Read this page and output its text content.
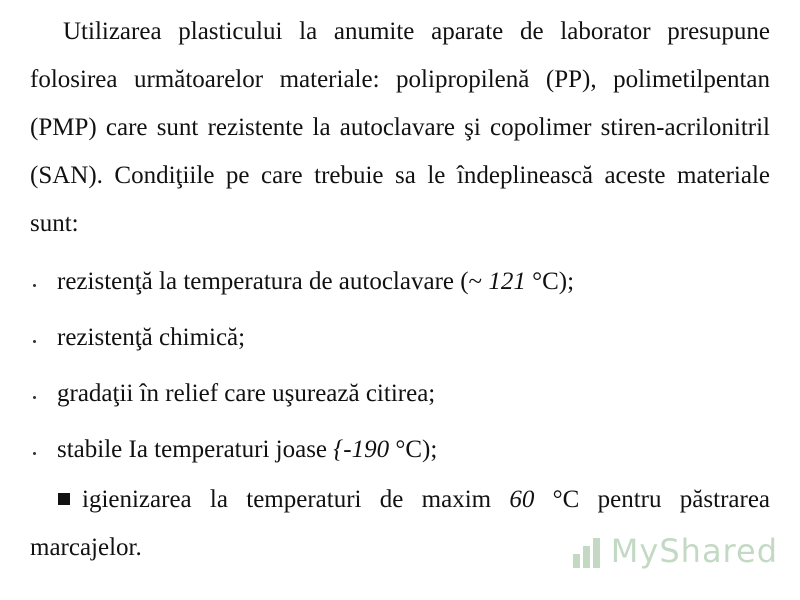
Utilizarea plasticului la anumite aparate de laborator presupune folosirea următoarelor materiale: polipropilenă (PP), polimetilpentan (PMP) care sunt rezistente la autoclavare şi copolimer stiren-acrilonitril (SAN). Condiţiile pe care trebuie sa le îndeplinească aceste materiale sunt:

rezistenţă la temperatura de autoclavare (~ 121 °C);
rezistenţă chimică;
gradaţii în relief care uşurează citirea;
stabile Ia temperaturi joase {-190 °C);

igienizarea la temperaturi de maxim 60 °C pentru păstrarea marcajelor.	MyShared
